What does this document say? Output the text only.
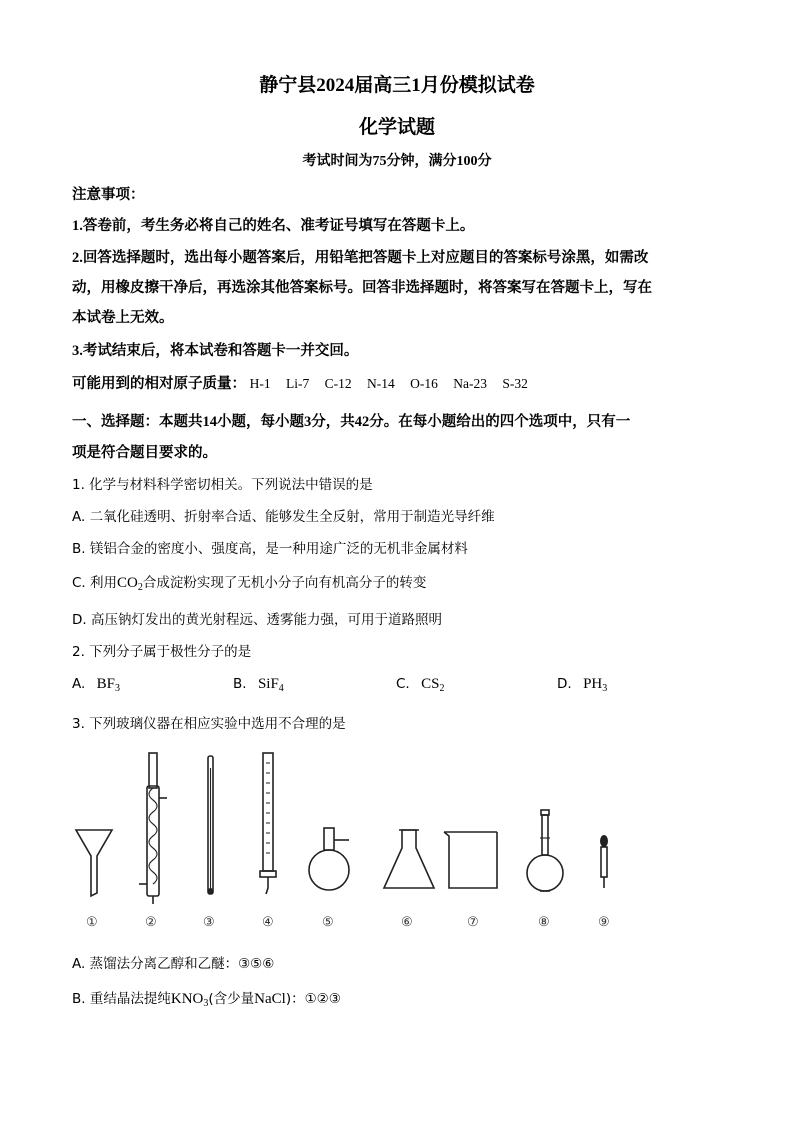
静宁县2024届高三1月份模拟试卷
化学试题
考试时间为75分钟，满分100分
注意事项：
1.答卷前，考生务必将自己的姓名、准考证号填写在答题卡上。
2.回答选择题时，选出每小题答案后，用铅笔把答题卡上对应题目的答案标号涂黑，如需改
动，用橡皮擦干净后，再选涂其他答案标号。回答非选择题时，将答案写在答题卡上，写在
本试卷上无效。
3.考试结束后，将本试卷和答题卡一并交回。
可能用到的相对原子质量： H-1 Li-7 C-12 N-14 O-16 Na-23 S-32
一、选择题：本题共14小题，每小题3分，共42分。在每小题给出的四个选项中，只有一
项是符合题目要求的。
1. 化学与材料科学密切相关。下列说法中错误的是
A. 二氧化硅透明、折射率合适、能够发生全反射，常用于制造光导纤维
B. 镁铝合金的密度小、强度高，是一种用途广泛的无机非金属材料
C. 利用$CO_2$合成淀粉实现了无机小分子向有机高分子的转变
D. 高压钠灯发出的黄光射程远、透雾能力强，可用于道路照明
2. 下列分子属于极性分子的是
A. $BF_3$	B. SiF$_4$	C. $CS_2$	D. $PH_3$
3. 下列玻璃仪器在相应实验中选用不合理的是
①	②	③	④	⑤	⑥	⑦	⑧	⑨
A. 蒸馏法分离乙醇和乙醚：③⑤⑥
B. 重结晶法提纯$KNO_3$(含少量NaCl)：①②③
